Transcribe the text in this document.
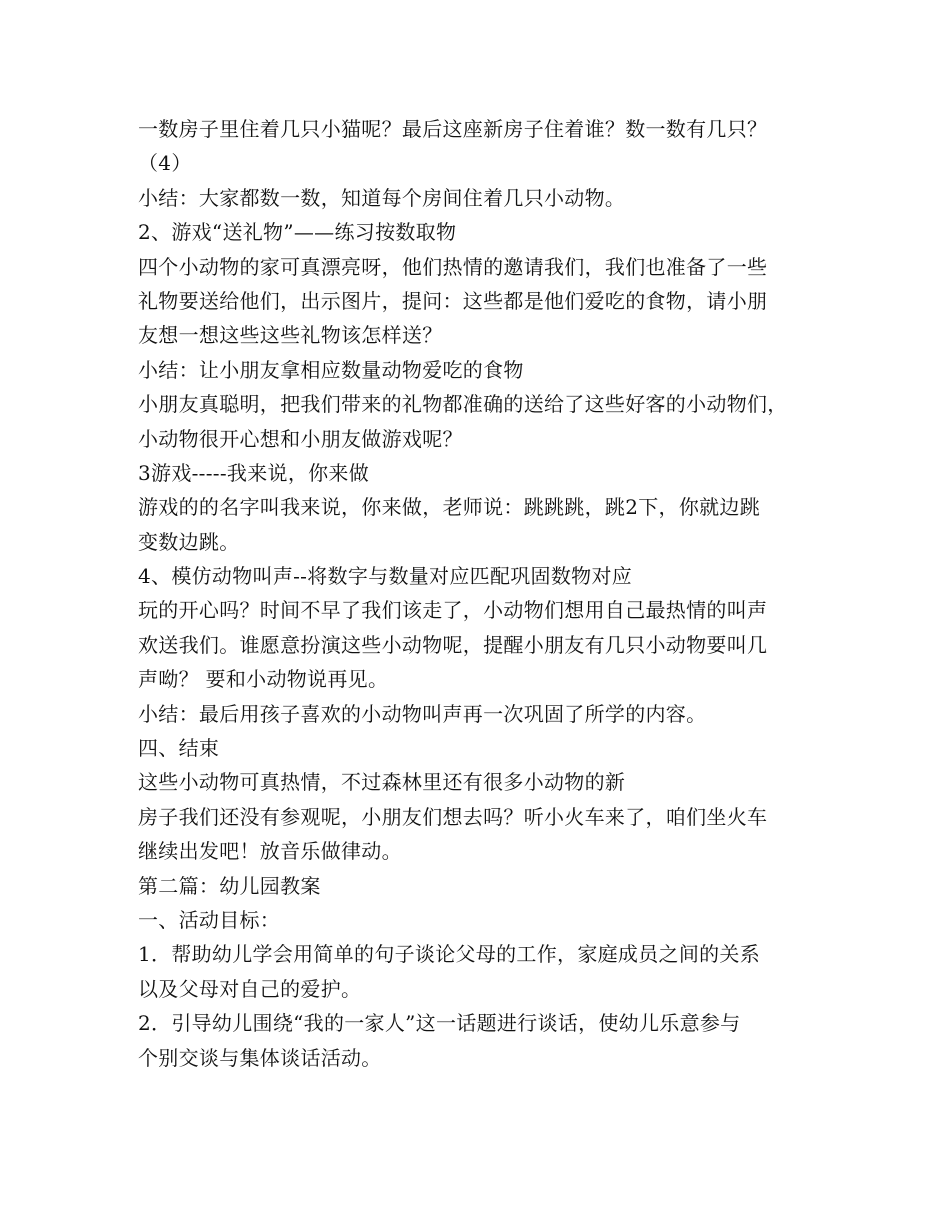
一数房子里住着几只小猫呢？最后这座新房子住着谁？数一数有几只？
（4）
小结：大家都数一数，知道每个房间住着几只小动物。
2、游戏“送礼物”——练习按数取物
四个小动物的家可真漂亮呀，他们热情的邀请我们，我们也准备了一些
礼物要送给他们，出示图片，提问：这些都是他们爱吃的食物，请小朋
友想一想这些这些礼物该怎样送？
小结：让小朋友拿相应数量动物爱吃的食物
小朋友真聪明，把我们带来的礼物都准确的送给了这些好客的小动物们，
小动物很开心想和小朋友做游戏呢？
3游戏-----我来说，你来做
游戏的的名字叫我来说，你来做，老师说：跳跳跳，跳2下，你就边跳
变数边跳。
4、模仿动物叫声--将数字与数量对应匹配巩固数物对应
玩的开心吗？时间不早了我们该走了，小动物们想用自己最热情的叫声
欢送我们。谁愿意扮演这些小动物呢，提醒小朋友有几只小动物要叫几
声呦？ 要和小动物说再见。
小结：最后用孩子喜欢的小动物叫声再一次巩固了所学的内容。
四、结束
这些小动物可真热情，不过森林里还有很多小动物的新
房子我们还没有参观呢，小朋友们想去吗？听小火车来了，咱们坐火车
继续出发吧！放音乐做律动。
第二篇：幼儿园教案
一、活动目标：
1．帮助幼儿学会用简单的句子谈论父母的工作，家庭成员之间的关系
以及父母对自己的爱护。
2．引导幼儿围绕“我的一家人”这一话题进行谈话，使幼儿乐意参与
个别交谈与集体谈话活动。
